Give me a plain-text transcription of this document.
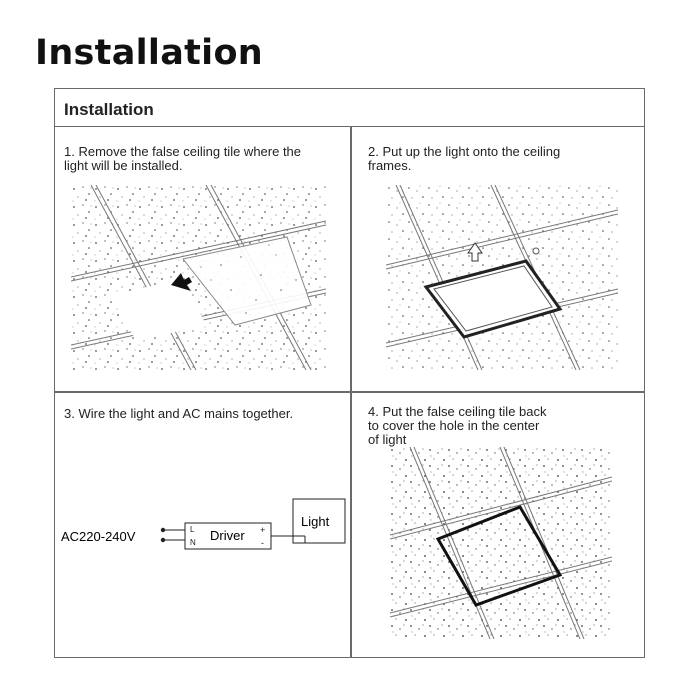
Installation
Installation
1. Remove the false ceiling tile where the
light will be installed.
2. Put up the light onto the ceiling
frames.
3. Wire the light and AC mains together.	4. Put the false ceiling tile back
to cover the hole in the center
of light
AC220-240V	L
N Driver +
-
Light
